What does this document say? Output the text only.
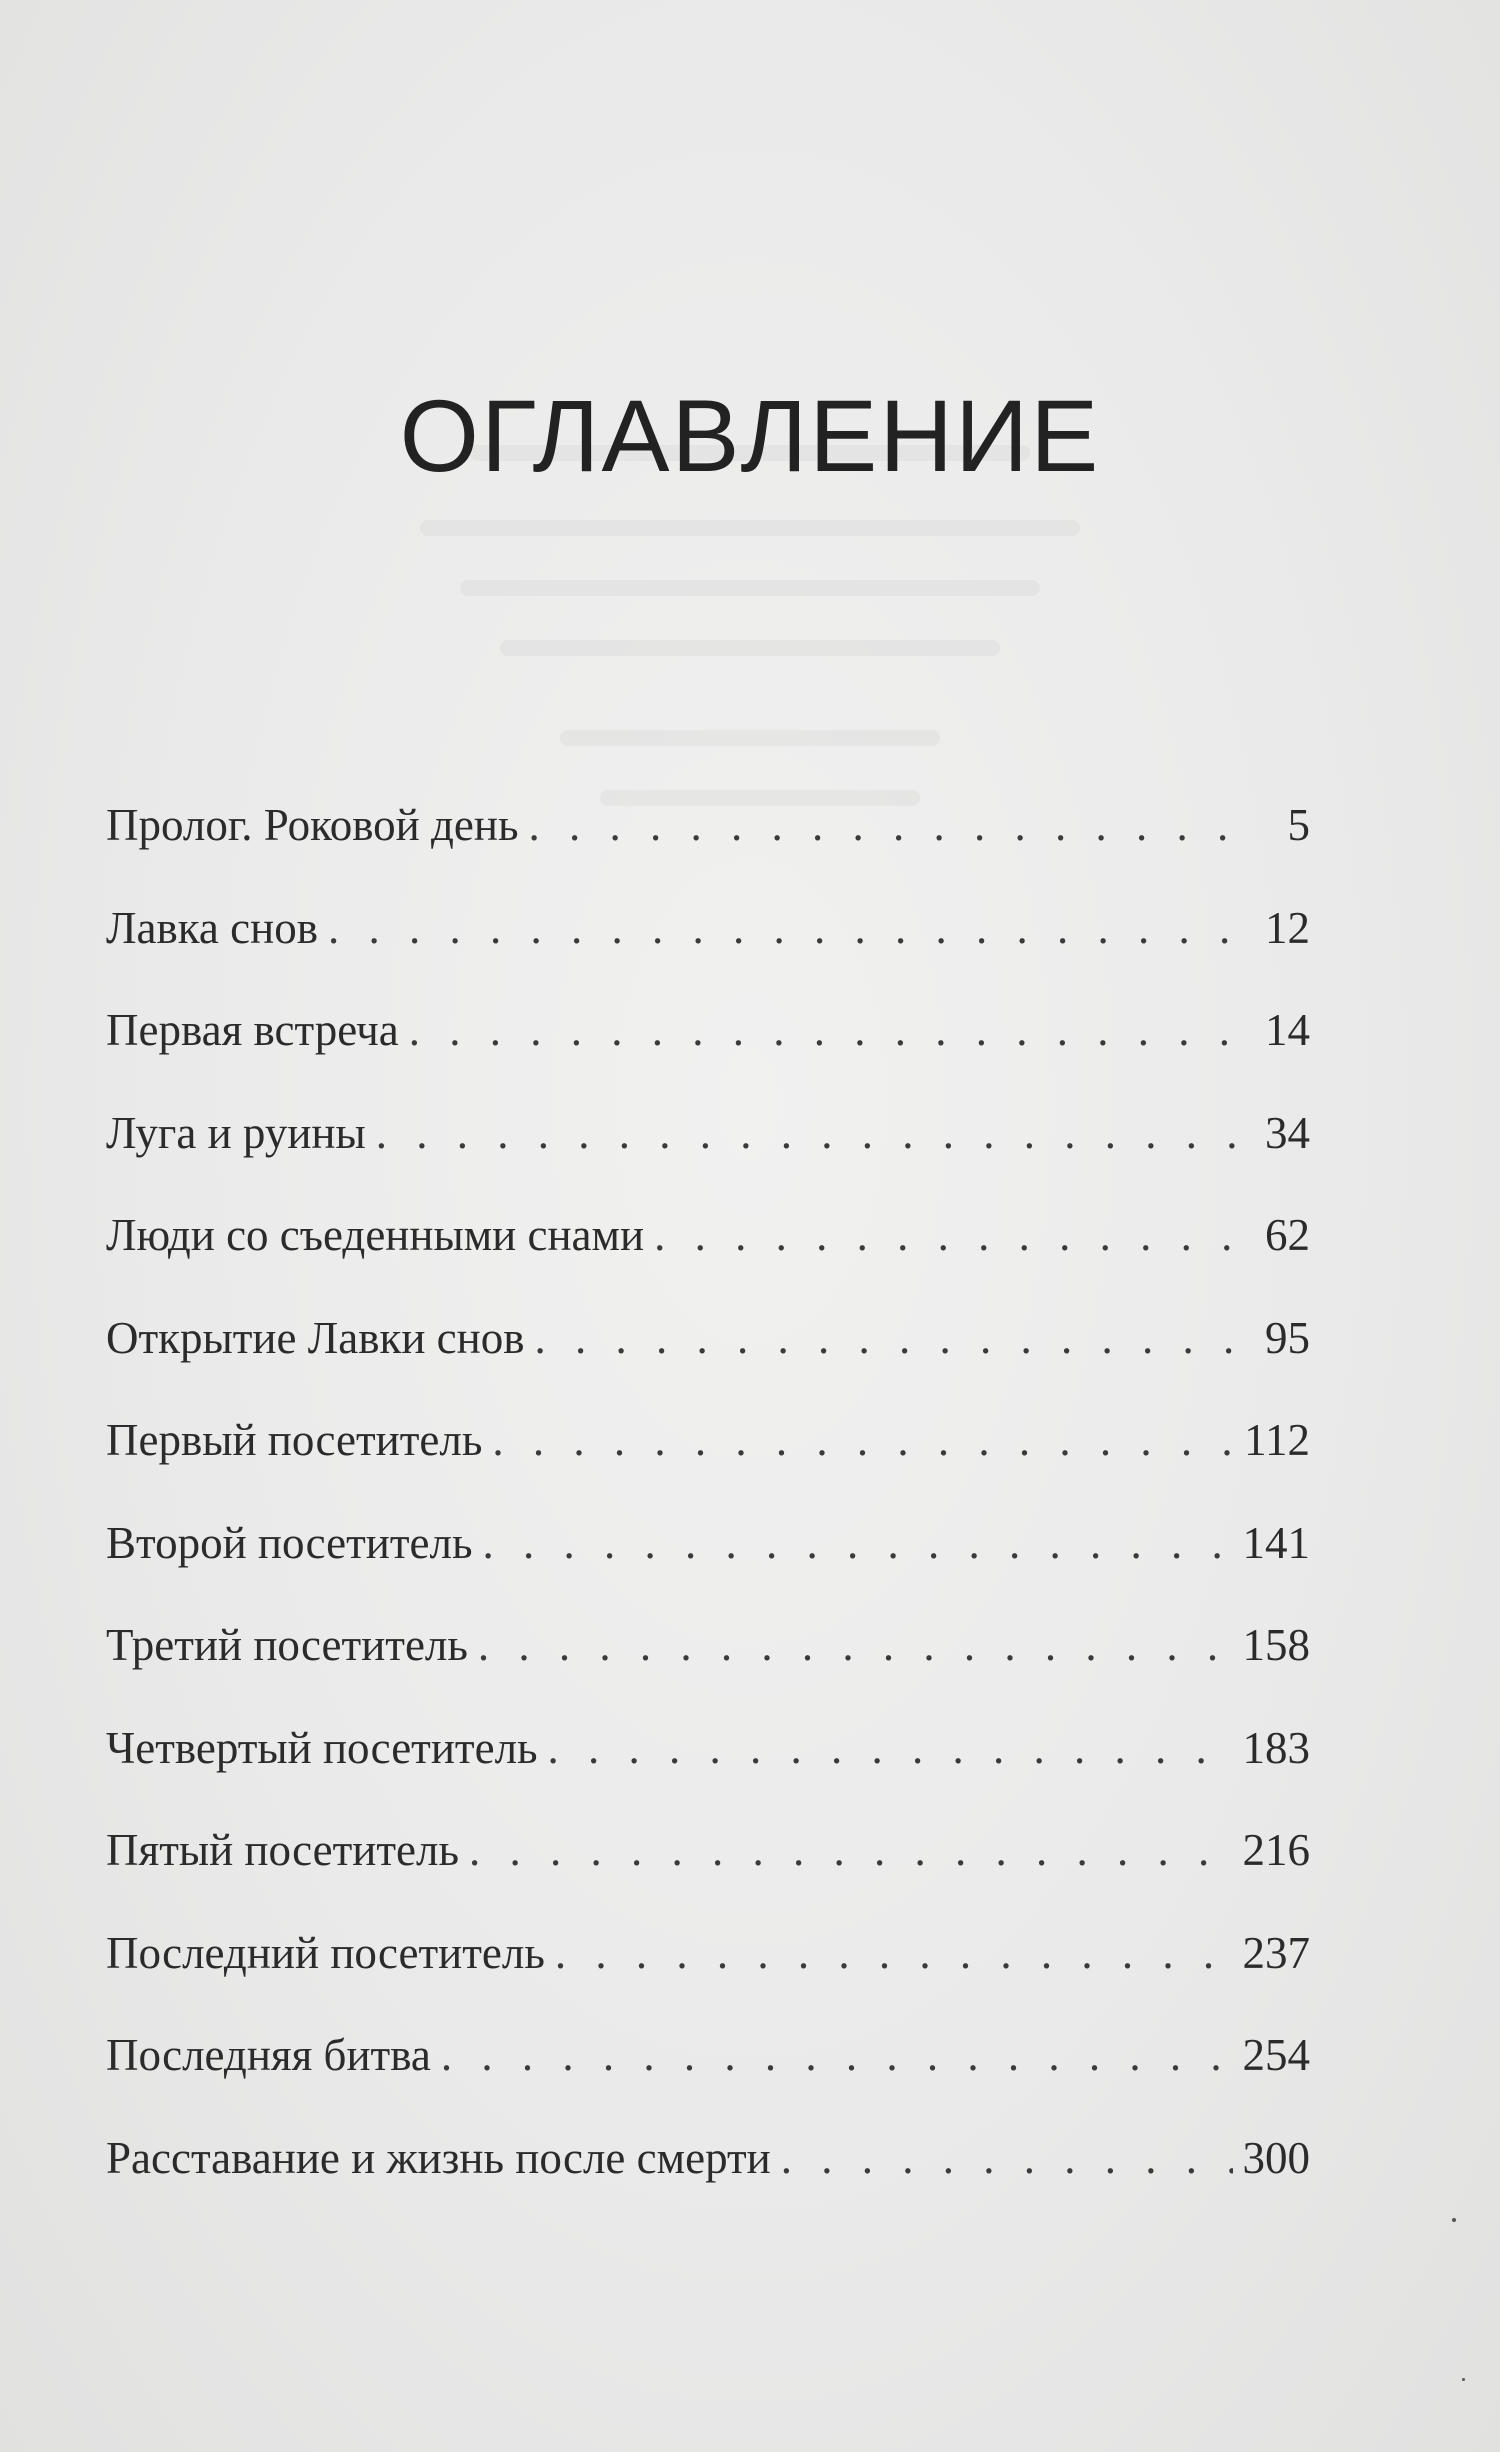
ОГЛАВЛЕНИЕ
Пролог. Роковой день . . .	5
Лавка снов . . .	12
Первая встреча . . .	14
Луга и руины . . .	34
Люди со съеденными снами . . .	62
Открытие Лавки снов . . .	95
Первый посетитель . . .	112
Второй посетитель . . .	141
Третий посетитель . . .	158
Четвертый посетитель . . .	183
Пятый посетитель . . .	216
Последний посетитель . . .	237
Последняя битва . . .	254
Расставание и жизнь после смерти . . .	300
